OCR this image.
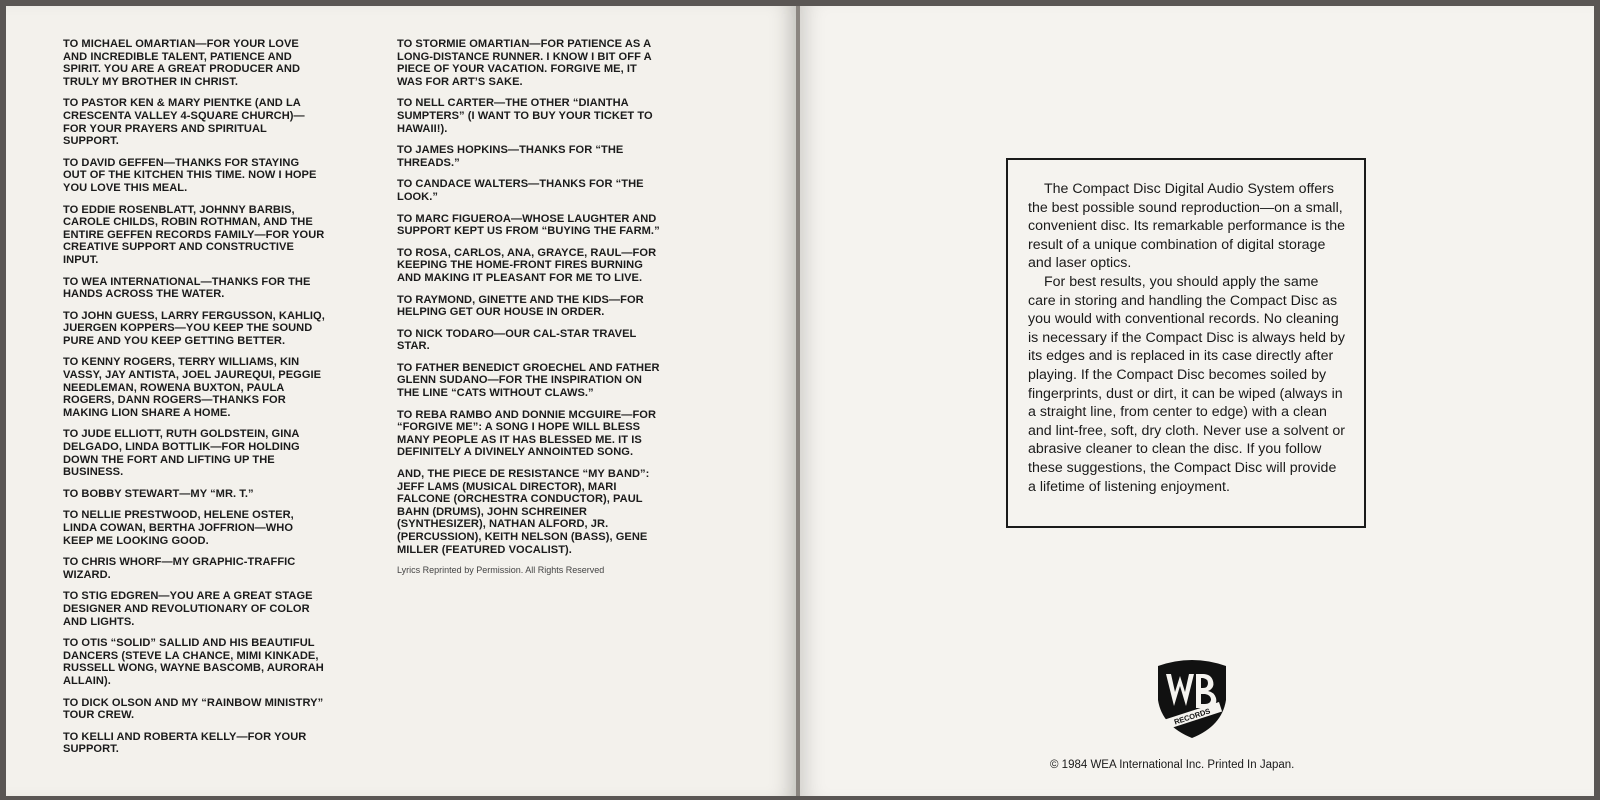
TO MICHAEL OMARTIAN—FOR YOUR LOVE AND INCREDIBLE TALENT, PATIENCE AND SPIRIT. YOU ARE A GREAT PRODUCER AND TRULY MY BROTHER IN CHRIST.

TO PASTOR KEN & MARY PIENTKE (AND LA CRESCENTA VALLEY 4-SQUARE CHURCH)—FOR YOUR PRAYERS AND SPIRITUAL SUPPORT.

TO DAVID GEFFEN—THANKS FOR STAYING OUT OF THE KITCHEN THIS TIME. NOW I HOPE YOU LOVE THIS MEAL.

TO EDDIE ROSENBLATT, JOHNNY BARBIS, CAROLE CHILDS, ROBIN ROTHMAN, AND THE ENTIRE GEFFEN RECORDS FAMILY—FOR YOUR CREATIVE SUPPORT AND CONSTRUCTIVE INPUT.

TO WEA INTERNATIONAL—THANKS FOR THE HANDS ACROSS THE WATER.

TO JOHN GUESS, LARRY FERGUSSON, KAHLIQ, JUERGEN KOPPERS—YOU KEEP THE SOUND PURE AND YOU KEEP GETTING BETTER.

TO KENNY ROGERS, TERRY WILLIAMS, KIN VASSY, JAY ANTISTA, JOEL JAUREQUI, PEGGIE NEEDLEMAN, ROWENA BUXTON, PAULA ROGERS, DANN ROGERS—THANKS FOR MAKING LION SHARE A HOME.

TO JUDE ELLIOTT, RUTH GOLDSTEIN, GINA DELGADO, LINDA BOTTLIK—FOR HOLDING DOWN THE FORT AND LIFTING UP THE BUSINESS.

TO BOBBY STEWART—MY “MR. T.”

TO NELLIE PRESTWOOD, HELENE OSTER, LINDA COWAN, BERTHA JOFFRION—WHO KEEP ME LOOKING GOOD.

TO CHRIS WHORF—MY GRAPHIC-TRAFFIC WIZARD.

TO STIG EDGREN—YOU ARE A GREAT STAGE DESIGNER AND REVOLUTIONARY OF COLOR AND LIGHTS.

TO OTIS “SOLID” SALLID AND HIS BEAUTIFUL DANCERS (STEVE LA CHANCE, MIMI KINKADE, RUSSELL WONG, WAYNE BASCOMB, AURORAH ALLAIN).

TO DICK OLSON AND MY “RAINBOW MINISTRY” TOUR CREW.

TO KELLI AND ROBERTA KELLY—FOR YOUR SUPPORT.

TO STORMIE OMARTIAN—FOR PATIENCE AS A LONG-DISTANCE RUNNER. I KNOW I BIT OFF A PIECE OF YOUR VACATION. FORGIVE ME, IT WAS FOR ART’S SAKE.

TO NELL CARTER—THE OTHER “DIANTHA SUMPTERS” (I WANT TO BUY YOUR TICKET TO HAWAII!).

TO JAMES HOPKINS—THANKS FOR “THE THREADS.”

TO CANDACE WALTERS—THANKS FOR “THE LOOK.”

TO MARC FIGUEROA—WHOSE LAUGHTER AND SUPPORT KEPT US FROM “BUYING THE FARM.”

TO ROSA, CARLOS, ANA, GRAYCE, RAUL—FOR KEEPING THE HOME-FRONT FIRES BURNING AND MAKING IT PLEASANT FOR ME TO LIVE.

TO RAYMOND, GINETTE AND THE KIDS—FOR HELPING GET OUR HOUSE IN ORDER.

TO NICK TODARO—OUR CAL-STAR TRAVEL STAR.

TO FATHER BENEDICT GROECHEL AND FATHER GLENN SUDANO—FOR THE INSPIRATION ON THE LINE “CATS WITHOUT CLAWS.”

TO REBA RAMBO AND DONNIE MCGUIRE—FOR “FORGIVE ME”: A SONG I HOPE WILL BLESS MANY PEOPLE AS IT HAS BLESSED ME. IT IS DEFINITELY A DIVINELY ANNOINTED SONG.

AND, THE PIECE DE RESISTANCE “MY BAND”: JEFF LAMS (MUSICAL DIRECTOR), MARI FALCONE (ORCHESTRA CONDUCTOR), PAUL BAHN (DRUMS), JOHN SCHREINER (SYNTHESIZER), NATHAN ALFORD, JR. (PERCUSSION), KEITH NELSON (BASS), GENE MILLER (FEATURED VOCALIST).

Lyrics Reprinted by Permission. All Rights Reserved

The Compact Disc Digital Audio System offers the best possible sound reproduction—on a small, convenient disc. Its remarkable performance is the result of a unique combination of digital storage and laser optics.

For best results, you should apply the same care in storing and handling the Compact Disc as you would with conventional records. No cleaning is necessary if the Compact Disc is always held by its edges and is replaced in its case directly after playing. If the Compact Disc becomes soiled by fingerprints, dust or dirt, it can be wiped (always in a straight line, from center to edge) with a clean and lint-free, soft, dry cloth. Never use a solvent or abrasive cleaner to clean the disc. If you follow these suggestions, the Compact Disc will provide a lifetime of listening enjoyment.

RECORDS
© 1984 WEA International Inc. Printed In Japan.
